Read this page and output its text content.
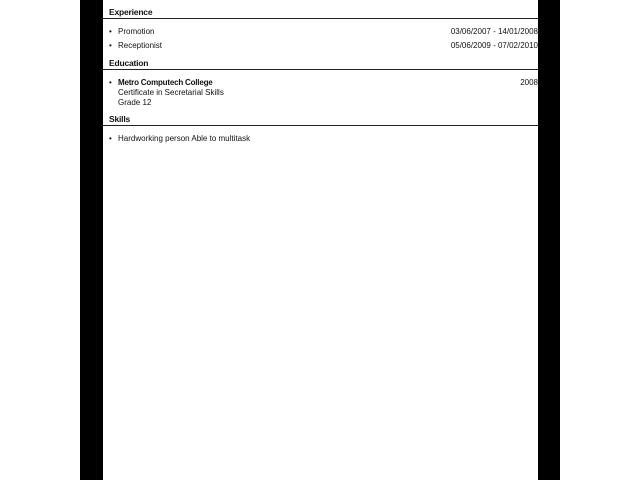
Experience
• Promotion	03/06/2007 - 14/01/2008
• Receptionist	05/06/2009 - 07/02/2010
Education
• Metro Computech College
Certificate in Secretarial Skills
Grade 12
2008
Skills
• Hardworking person Able to multitask
